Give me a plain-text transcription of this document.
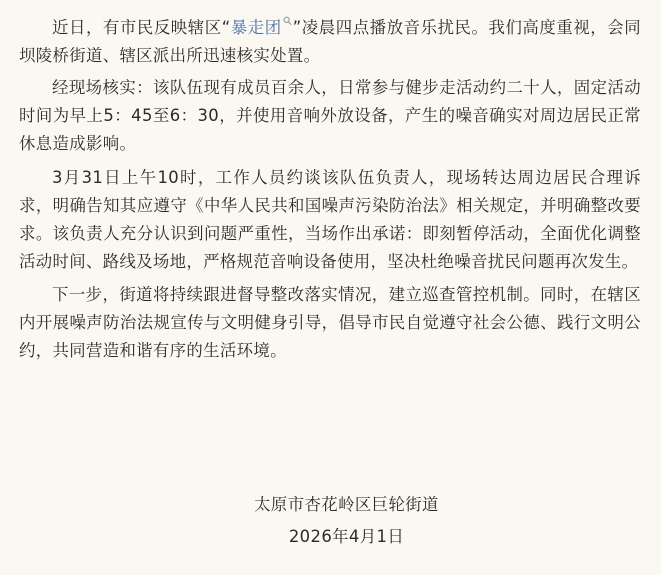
近日，有市民反映辖区“暴走团 ”凌晨四点播放音乐扰民。我们高度重视，会同坝陵桥街道、辖区派出所迅速核实处置。

经现场核实：该队伍现有成员百余人，日常参与健步走活动约二十人，固定活动时间为早上5：45至6：30，并使用音响外放设备，产生的噪音确实对周边居民正常休息造成影响。

3月31日上午10时，工作人员约谈该队伍负责人，现场转达周边居民合理诉求，明确告知其应遵守《中华人民共和国噪声污染防治法》相关规定，并明确整改要求。该负责人充分认识到问题严重性，当场作出承诺：即刻暂停活动，全面优化调整活动时间、路线及场地，严格规范音响设备使用，坚决杜绝噪音扰民问题再次发生。

下一步，街道将持续跟进督导整改落实情况，建立巡查管控机制。同时，在辖区内开展噪声防治法规宣传与文明健身引导，倡导市民自觉遵守社会公德、践行文明公约，共同营造和谐有序的生活环境。

太原市杏花岭区巨轮街道
2026年4月1日
